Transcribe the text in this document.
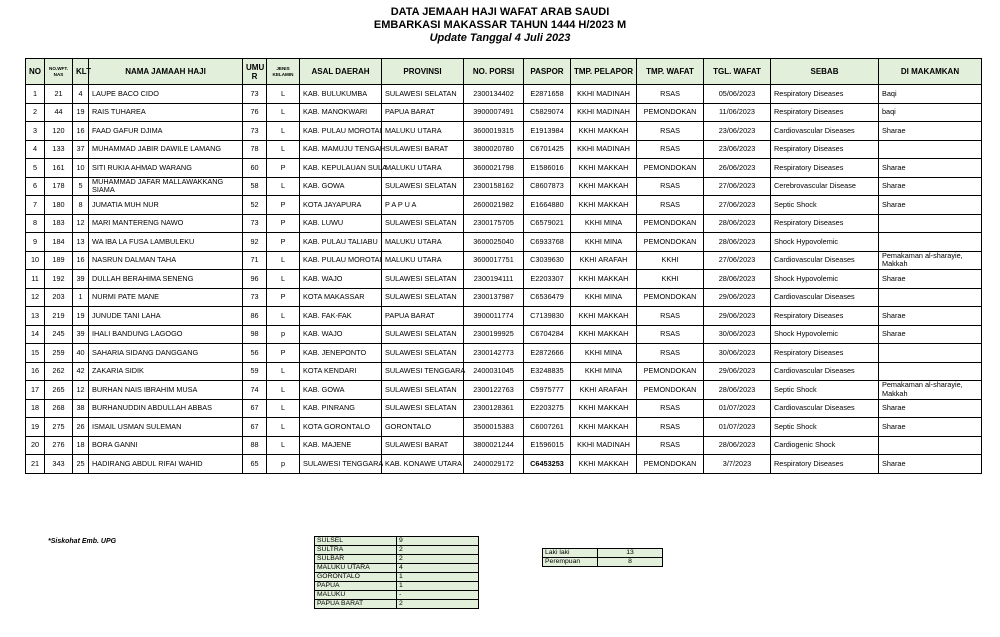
DATA JEMAAH HAJI WAFAT ARAB SAUDI
EMBARKASI MAKASSAR TAHUN 1444 H/2023 M
Update Tanggal 4 Juli 2023
NO	NO.WFT. NAS	KLT	NAMA JAMAAH HAJI	UMU R	JENIS KELAMIN	ASAL DAERAH	PROVINSI	NO. PORSI	PASPOR	TMP. PELAPOR	TMP. WAFAT	TGL. WAFAT	SEBAB	DI MAKAMKAN
1	21	4	LAUPE BACO CIDO	73	L	KAB. BULUKUMBA	SULAWESI SELATAN	2300134402	E2871658	KKHI MADINAH	RSAS	05/06/2023	Respiratory Diseases	Baqi
2	44	19	RAIS TUHAREA	76	L	KAB. MANOKWARI	PAPUA BARAT	3900007491	C5829074	KKHI MADINAH	PEMONDOKAN	11/06/2023	Respiratory Diseases	baqi
3	120	16	FAAD GAFUR DJIMA	73	L	KAB. PULAU MOROTAI	MALUKU UTARA	3600019315	E1913984	KKHI MAKKAH	RSAS	23/06/2023	Cardiovascular Diseases	Sharae
4	133	37	MUHAMMAD JABIR DAWILE LAMANG	78	L	KAB. MAMUJU TENGAH	SULAWESI BARAT	3800020780	C6701425	KKHI MADINAH	RSAS	23/06/2023	Respiratory Diseases	
5	161	10	SITI RUKIA AHMAD WARANG	60	P	KAB. KEPULAUAN SULA	MALUKU UTARA	3600021798	E1586016	KKHI MAKKAH	PEMONDOKAN	26/06/2023	Respiratory Diseases	Sharae
6	178	5	MUHAMMAD JAFAR MALLAWAKKANG SIAMA	58	L	KAB. GOWA	SULAWESI SELATAN	2300158162	C8607873	KKHI MAKKAH	RSAS	27/06/2023	Cerebrovascular Disease	Sharae
7	180	8	JUMATIA MUH NUR	52	P	KOTA JAYAPURA	P A P U A	2600021982	E1664880	KKHI MAKKAH	RSAS	27/06/2023	Septic Shock	Sharae
8	183	12	MARI MANTERENG NAWO	73	P	KAB. LUWU	SULAWESI SELATAN	2300175705	C6579021	KKHI MINA	PEMONDOKAN	28/06/2023	Respiratory Diseases	
9	184	13	WA IBA LA FUSA LAMBULEKU	92	P	KAB. PULAU TALIABU	MALUKU UTARA	3600025040	C6933768	KKHI MINA	PEMONDOKAN	28/06/2023	Shock Hypovolemic	
10	189	16	NASRUN DALMAN TAHA	71	L	KAB. PULAU MOROTAI	MALUKU UTARA	3600017751	C3039630	KKHI ARAFAH	KKHI	27/06/2023	Cardiovascular Diseases	Pemakaman al-sharayie, Makkah
11	192	39	DULLAH BERAHIMA SENENG	96	L	KAB. WAJO	SULAWESI SELATAN	2300194111	E2203307	KKHI MAKKAH	KKHI	28/06/2023	Shock Hypovolemic	Sharae
12	203	1	NURMI PATE MANE	73	P	KOTA MAKASSAR	SULAWESI SELATAN	2300137987	C6536479	KKHI MINA	PEMONDOKAN	29/06/2023	Cardiovascular Diseases	
13	219	19	JUNUDE TANI LAHA	86	L	KAB. FAK-FAK	PAPUA BARAT	3900011774	C7139830	KKHI MAKKAH	RSAS	29/06/2023	Respiratory Diseases	Sharae
14	245	39	IHALI BANDUNG LAGOGO	98	p	KAB. WAJO	SULAWESI SELATAN	2300199925	C6704284	KKHI MAKKAH	RSAS	30/06/2023	Shock Hypovolemic	Sharae
15	259	40	SAHARIA SIDANG DANGGANG	56	P	KAB. JENEPONTO	SULAWESI SELATAN	2300142773	E2872666	KKHI MINA	RSAS	30/06/2023	Respiratory Diseases	
16	262	42	ZAKARIA SIDIK	59	L	KOTA KENDARI	SULAWESI TENGGARA	2400031045	E3248835	KKHI MINA	PEMONDOKAN	29/06/2023	Cardiovascular Diseases	
17	265	12	BURHAN NAIS IBRAHIM MUSA	74	L	KAB. GOWA	SULAWESI SELATAN	2300122763	C5975777	KKHI ARAFAH	PEMONDOKAN	28/06/2023	Septic Shock	Pemakaman al-sharayie, Makkah
18	268	38	BURHANUDDIN ABDULLAH ABBAS	67	L	KAB. PINRANG	SULAWESI SELATAN	2300128361	E2203275	KKHI MAKKAH	RSAS	01/07/2023	Cardiovascular Diseases	Sharae
19	275	26	ISMAIL USMAN SULEMAN	67	L	KOTA GORONTALO	GORONTALO	3500015383	C6007261	KKHI MAKKAH	RSAS	01/07/2023	Septic Shock	Sharae
20	276	18	BORA GANNI	88	L	KAB. MAJENE	SULAWESI BARAT	3800021244	E1596015	KKHI MADINAH	RSAS	28/06/2023	Cardiogenic Shock	
21	343	25	HADIRANG ABDUL RIFAI WAHID	65	p	SULAWESI TENGGARA	KAB. KONAWE UTARA	2400029172	C6453253	KKHI MAKKAH	PEMONDOKAN	3/7/2023	Respiratory Diseases	Sharae
*Siskohat Emb. UPG	SULSEL	9
SULTRA	2
SULBAR	2
MALUKU UTARA	4
GORONTALO	1
PAPUA	1
MALUKU	-
PAPUA BARAT	2
Laki laki	13
Perempuan	8
